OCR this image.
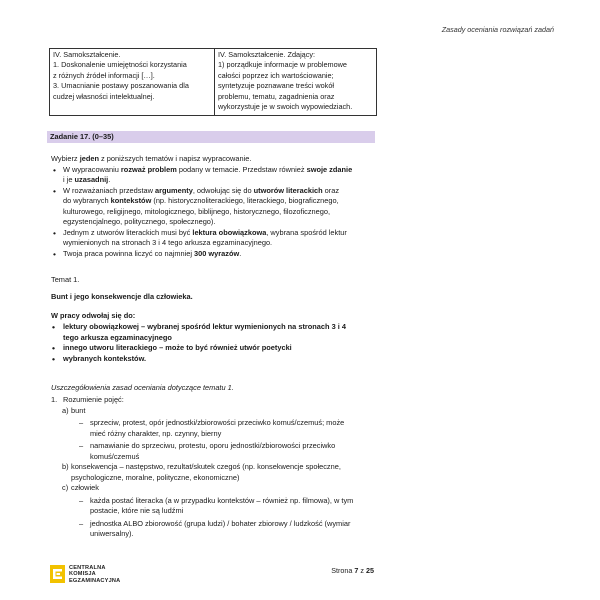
Zasady oceniania rozwiązań zadań
IV. Samokształcenie.
1. Doskonalenie umiejętności korzystania
z różnych źródeł informacji […].
3. Umacnianie postawy poszanowania dla
cudzej własności intelektualnej.

IV. Samokształcenie. Zdający:
1) porządkuje informacje w problemowe
całości poprzez ich wartościowanie;
syntetyzuje poznawane treści wokół
problemu, tematu, zagadnienia oraz
wykorzystuje je w swoich wypowiedziach.
Zadanie 17. (0–35)
Wybierz jeden z poniższych tematów i napisz wypracowanie.
• W wypracowaniu rozważ problem podany w temacie. Przedstaw również swoje zdanie
i je uzasadnij.
• W rozważaniach przedstaw argumenty, odwołując się do utworów literackich oraz
do wybranych kontekstów (np. historycznoliterackiego, literackiego, biograficznego,
kulturowego, religijnego, mitologicznego, biblijnego, historycznego, filozoficznego,
egzystencjalnego, politycznego, społecznego).
• Jednym z utworów literackich musi być lektura obowiązkowa, wybrana spośród lektur
wymienionych na stronach 3 i 4 tego arkusza egzaminacyjnego.
• Twoja praca powinna liczyć co najmniej 300 wyrazów.
Temat 1.
Bunt i jego konsekwencje dla człowieka.
W pracy odwołaj się do:
• lektury obowiązkowej – wybranej spośród lektur wymienionych na stronach 3 i 4
tego arkusza egzaminacyjnego
• innego utworu literackiego – może to być również utwór poetycki
• wybranych kontekstów.
Uszczegółowienia zasad oceniania dotyczące tematu 1.
1. Rozumienie pojęć:
a) bunt
– sprzeciw, protest, opór jednostki/zbiorowości przeciwko komuś/czemuś; może
mieć różny charakter, np. czynny, bierny
– namawianie do sprzeciwu, protestu, oporu jednostki/zbiorowości przeciwko
komuś/czemuś
b) konsekwencja – następstwo, rezultat/skutek czegoś (np. konsekwencje społeczne,
psychologiczne, moralne, polityczne, ekonomiczne)
c) człowiek
– każda postać literacka (a w przypadku kontekstów – również np. filmowa), w tym
postacie, które nie są ludźmi
– jednostka ALBO zbiorowość (grupa ludzi) / bohater zbiorowy / ludzkość (wymiar
uniwersalny).
CENTRALNA
KOMISJA
EGZAMINACYJNA
Strona 7 z 25
